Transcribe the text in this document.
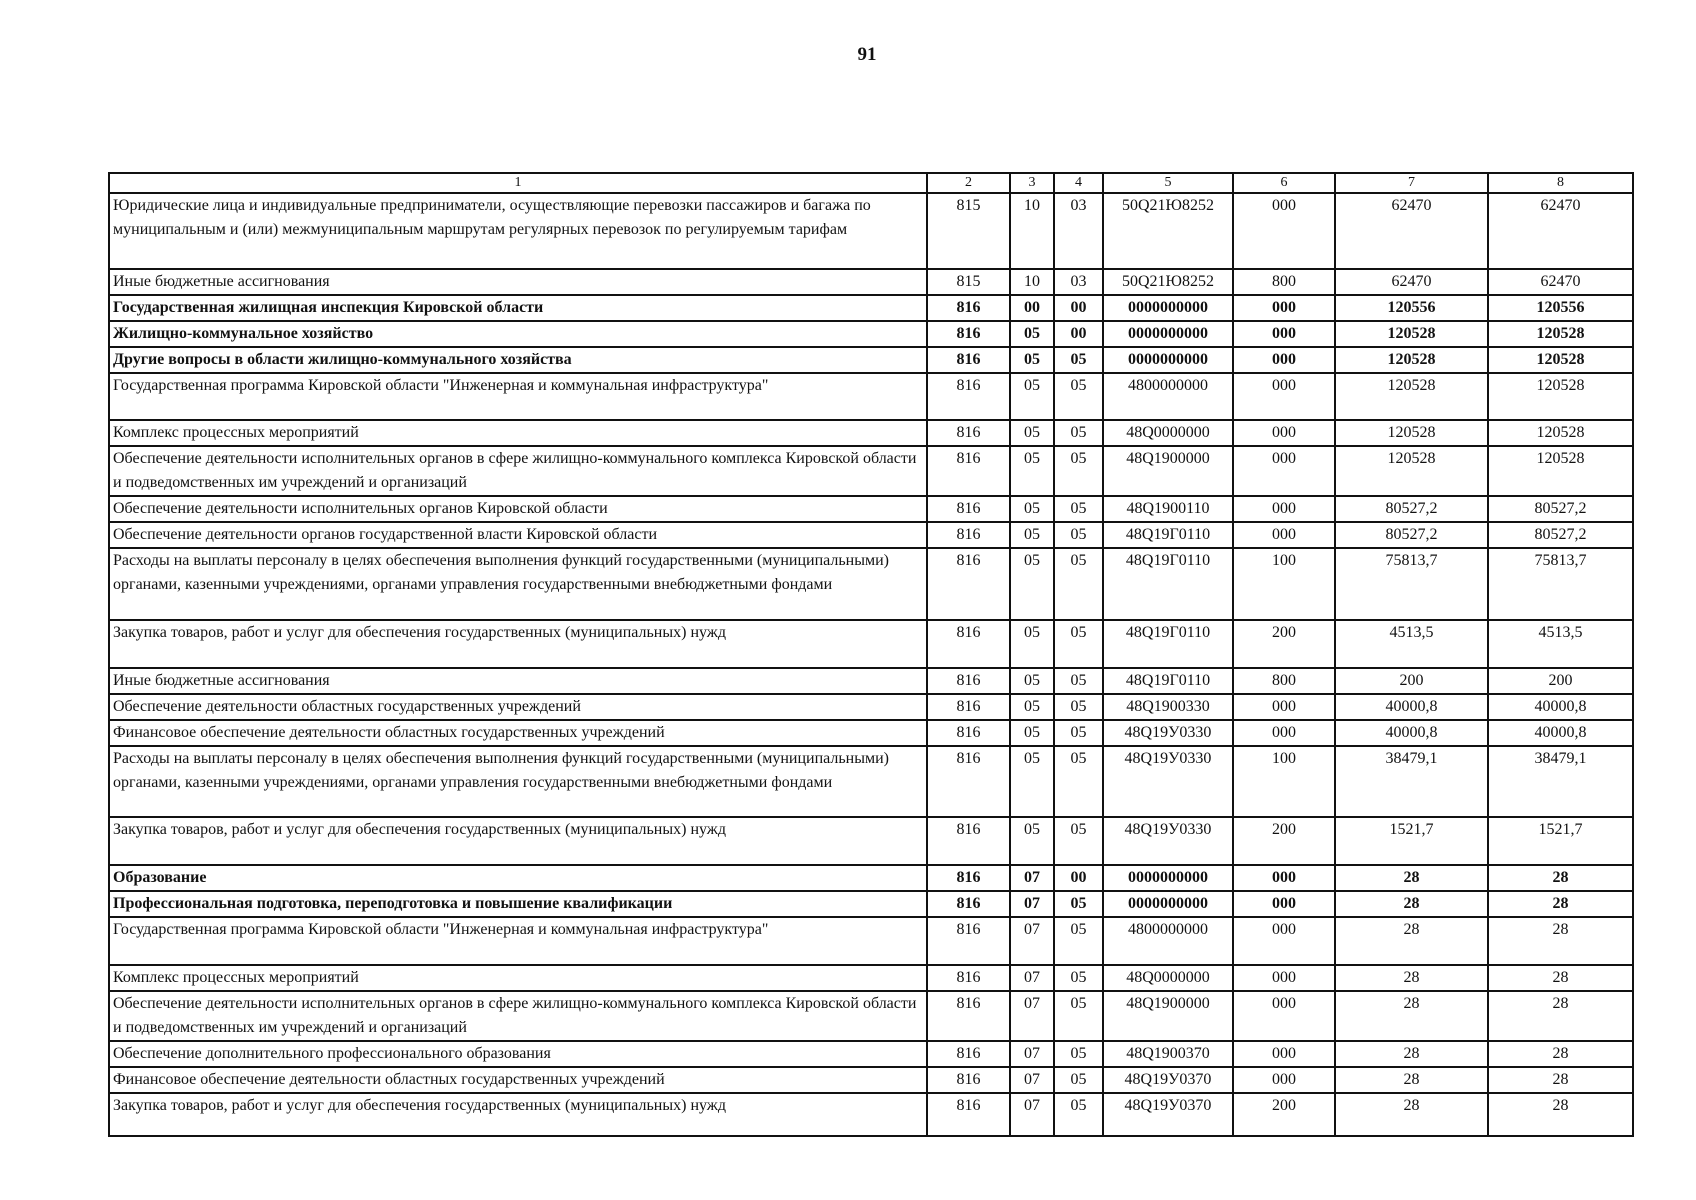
91
1	2	3	4	5	6	7	8
Юридические лица и индивидуальные предприниматели, осуществляющие перевозки пассажиров и багажа по муниципальным и (или) межмуниципальным маршрутам регулярных перевозок по регулируемым тарифам	815	10	03	50Q21Ю8252	000	62470	62470
Иные бюджетные ассигнования	815	10	03	50Q21Ю8252	800	62470	62470
Государственная жилищная инспекция Кировской области	816	00	00	0000000000	000	120556	120556
Жилищно-коммунальное хозяйство	816	05	00	0000000000	000	120528	120528
Другие вопросы в области жилищно-коммунального хозяйства	816	05	05	0000000000	000	120528	120528
Государственная программа Кировской области "Инженерная и коммунальная инфраструктура"	816	05	05	4800000000	000	120528	120528
Комплекс процессных мероприятий	816	05	05	48Q0000000	000	120528	120528
Обеспечение деятельности исполнительных органов в сфере жилищно-коммунального комплекса Кировской области и подведомственных им учреждений и организаций	816	05	05	48Q1900000	000	120528	120528
Обеспечение деятельности исполнительных органов Кировской области	816	05	05	48Q1900110	000	80527,2	80527,2
Обеспечение деятельности органов государственной власти Кировской области	816	05	05	48Q19Г0110	000	80527,2	80527,2
Расходы на выплаты персоналу в целях обеспечения выполнения функций государственными (муниципальными) органами, казенными учреждениями, органами управления государственными внебюджетными фондами	816	05	05	48Q19Г0110	100	75813,7	75813,7
Закупка товаров, работ и услуг для обеспечения государственных (муниципальных) нужд	816	05	05	48Q19Г0110	200	4513,5	4513,5
Иные бюджетные ассигнования	816	05	05	48Q19Г0110	800	200	200
Обеспечение деятельности областных государственных учреждений	816	05	05	48Q1900330	000	40000,8	40000,8
Финансовое обеспечение деятельности областных государственных учреждений	816	05	05	48Q19У0330	000	40000,8	40000,8
Расходы на выплаты персоналу в целях обеспечения выполнения функций государственными (муниципальными) органами, казенными учреждениями, органами управления государственными внебюджетными фондами	816	05	05	48Q19У0330	100	38479,1	38479,1
Закупка товаров, работ и услуг для обеспечения государственных (муниципальных) нужд	816	05	05	48Q19У0330	200	1521,7	1521,7
Образование	816	07	00	0000000000	000	28	28
Профессиональная подготовка, переподготовка и повышение квалификации	816	07	05	0000000000	000	28	28
Государственная программа Кировской области "Инженерная и коммунальная инфраструктура"	816	07	05	4800000000	000	28	28
Комплекс процессных мероприятий	816	07	05	48Q0000000	000	28	28
Обеспечение деятельности исполнительных органов в сфере жилищно-коммунального комплекса Кировской области и подведомственных им учреждений и организаций	816	07	05	48Q1900000	000	28	28
Обеспечение дополнительного профессионального образования	816	07	05	48Q1900370	000	28	28
Финансовое обеспечение деятельности областных государственных учреждений	816	07	05	48Q19У0370	000	28	28
Закупка товаров, работ и услуг для обеспечения государственных (муниципальных) нужд	816	07	05	48Q19У0370	200	28	28
